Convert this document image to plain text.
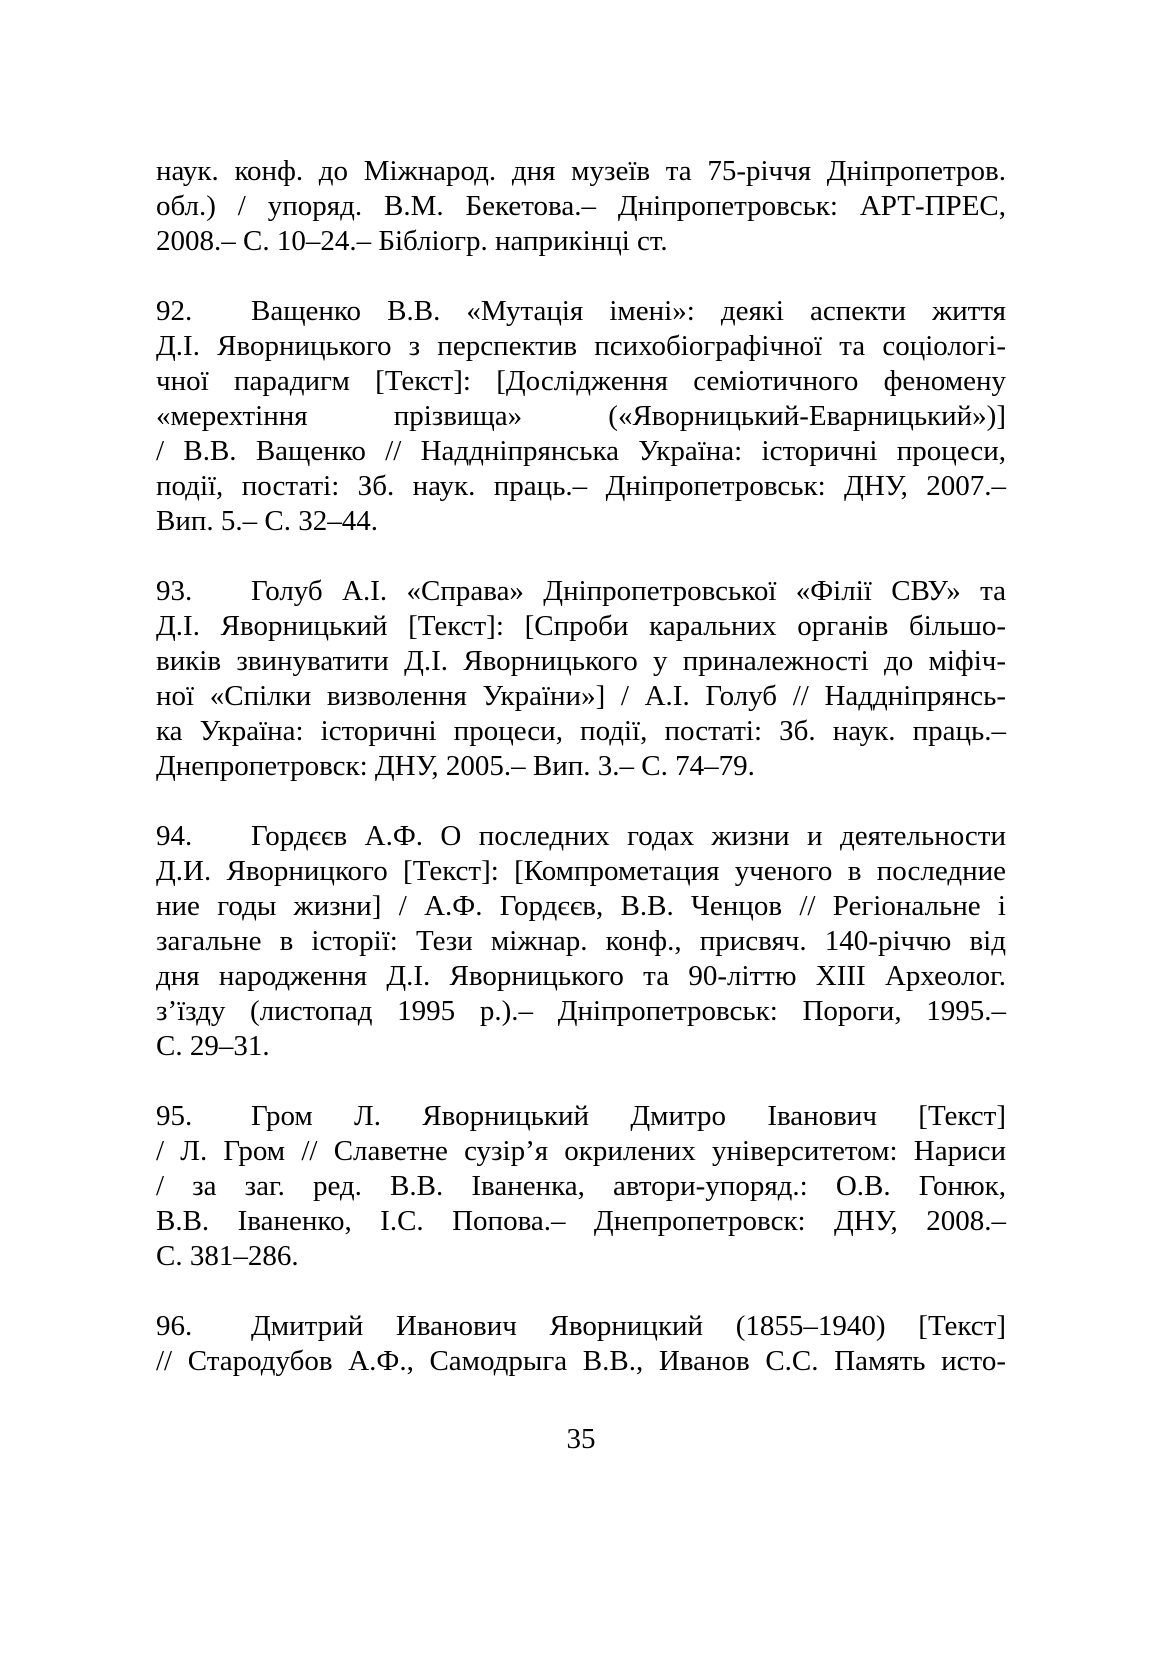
наук. конф. до Міжнарод. дня музеїв та 75-річчя Дніпропетров.
обл.) / упоряд. В.М. Бекетова.– Дніпропетровськ: АРТ-ПРЕС,
2008.– С. 10–24.– Бібліогр. наприкінці ст.
92.	Ващенко В.В. «Мутація імені»: деякі аспекти життя
Д.І. Яворницького з перспектив психобіографічної та соціологі-
чної парадигм [Текст]: [Дослідження семіотичного феномену
«мерехтіння прізвища» («Яворницький-Еварницький»)]
/ В.В. Ващенко // Наддніпрянська Україна: історичні процеси,
події, постаті: Зб. наук. праць.– Дніпропетровськ: ДНУ, 2007.–
Вип. 5.– С. 32–44.
93.	Голуб А.І. «Справа» Дніпропетровської «Філії СВУ» та
Д.І. Яворницький [Текст]: [Спроби каральних органів більшо-
виків звинуватити Д.І. Яворницького у приналежності до міфіч-
ної «Спілки визволення України»] / А.І. Голуб // Наддніпрянсь-
ка Україна: історичні процеси, події, постаті: Зб. наук. праць.–
Днепропетровск: ДНУ, 2005.– Вип. 3.– С. 74–79.
94.	Гордєєв А.Ф. О последних годах жизни и деятельности
Д.И. Яворницкого [Текст]: [Компрометация ученого в последние
ние годы жизни] / А.Ф. Гордєєв, В.В. Ченцов // Регіональне і
загальне в історії: Тези міжнар. конф., присвяч. 140-річчю від
дня народження Д.І. Яворницького та 90-літтю ХІІІ Археолог.
з’їзду (листопад 1995 р.).– Дніпропетровськ: Пороги, 1995.–
С. 29–31.
95.	Гром Л. Яворницький Дмитро Іванович [Текст]
/ Л. Гром // Славетне сузір’я окрилених університетом: Нариси
/ за заг. ред. В.В. Іваненка, автори-упоряд.: О.В. Гонюк,
В.В. Іваненко, І.С. Попова.– Днепропетровск: ДНУ, 2008.–
С. 381–286.
96.	Дмитрий Иванович Яворницкий (1855–1940) [Текст]
// Стародубов А.Ф., Самодрыга В.В., Иванов С.С. Память исто-
35
